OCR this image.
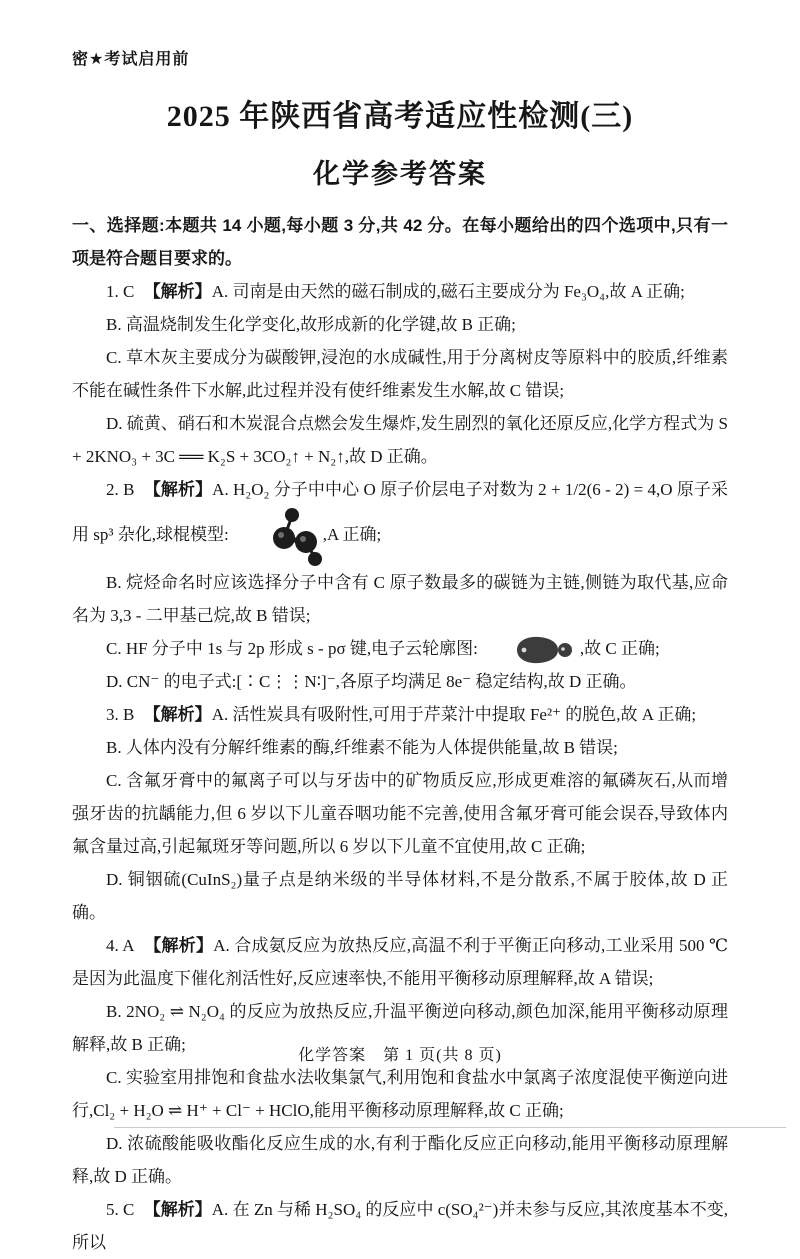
密★考试启用前
2025 年陕西省高考适应性检测(三)
化学参考答案

一、选择题:本题共 14 小题,每小题 3 分,共 42 分。在每小题给出的四个选项中,只有一项是符合题目要求的。

1. C 【解析】A. 司南是由天然的磁石制成的,磁石主要成分为 Fe₃O₄,故 A 正确;

B. 高温烧制发生化学变化,故形成新的化学键,故 B 正确;

C. 草木灰主要成分为碳酸钾,浸泡的水成碱性,用于分离树皮等原料中的胶质,纤维素不能在碱性条件下水解,此过程并没有使纤维素发生水解,故 C 错误;

D. 硫黄、硝石和木炭混合点燃会发生爆炸,发生剧烈的氧化还原反应,化学方程式为 S + 2KNO₃ + 3C ══ K₂S + 3CO₂↑ + N₂↑,故 D 正确。

2. B 【解析】A. H₂O₂ 分子中中心 O 原子价层电子对数为 2 + 1/2(6 - 2) = 4,O 原子采用 sp³ 杂化,球棍模型:	,A 正确;

B. 烷烃命名时应该选择分子中含有 C 原子数最多的碳链为主链,侧链为取代基,应命名为 3,3 - 二甲基己烷,故 B 错误;

C. HF 分子中 1s 与 2p 形成 s - pσ 键,电子云轮廓图:	,故 C 正确;

D. CN⁻ 的电子式:[∶C⋮⋮N∶]⁻,各原子均满足 8e⁻ 稳定结构,故 D 正确。

3. B 【解析】A. 活性炭具有吸附性,可用于芹菜汁中提取 Fe²⁺ 的脱色,故 A 正确;

B. 人体内没有分解纤维素的酶,纤维素不能为人体提供能量,故 B 错误;

C. 含氟牙膏中的氟离子可以与牙齿中的矿物质反应,形成更难溶的氟磷灰石,从而增强牙齿的抗龋能力,但 6 岁以下儿童吞咽功能不完善,使用含氟牙膏可能会误吞,导致体内氟含量过高,引起氟斑牙等问题,所以 6 岁以下儿童不宜使用,故 C 正确;

D. 铜铟硫(CuInS₂)量子点是纳米级的半导体材料,不是分散系,不属于胶体,故 D 正确。

4. A 【解析】A. 合成氨反应为放热反应,高温不利于平衡正向移动,工业采用 500 ℃是因为此温度下催化剂活性好,反应速率快,不能用平衡移动原理解释,故 A 错误;

B. 2NO₂ ⇌ N₂O₄ 的反应为放热反应,升温平衡逆向移动,颜色加深,能用平衡移动原理解释,故 B 正确;

C. 实验室用排饱和食盐水法收集氯气,利用饱和食盐水中氯离子浓度混使平衡逆向进行,Cl₂ + H₂O ⇌ H⁺ + Cl⁻ + HClO,能用平衡移动原理解释,故 C 正确;

D. 浓硫酸能吸收酯化反应生成的水,有利于酯化反应正向移动,能用平衡移动原理解释,故 D 正确。

5. C 【解析】A. 在 Zn 与稀 H₂SO₄ 的反应中 c(SO₄²⁻)并未参与反应,其浓度基本不变,所以

化学答案　第 1 页(共 8 页)
